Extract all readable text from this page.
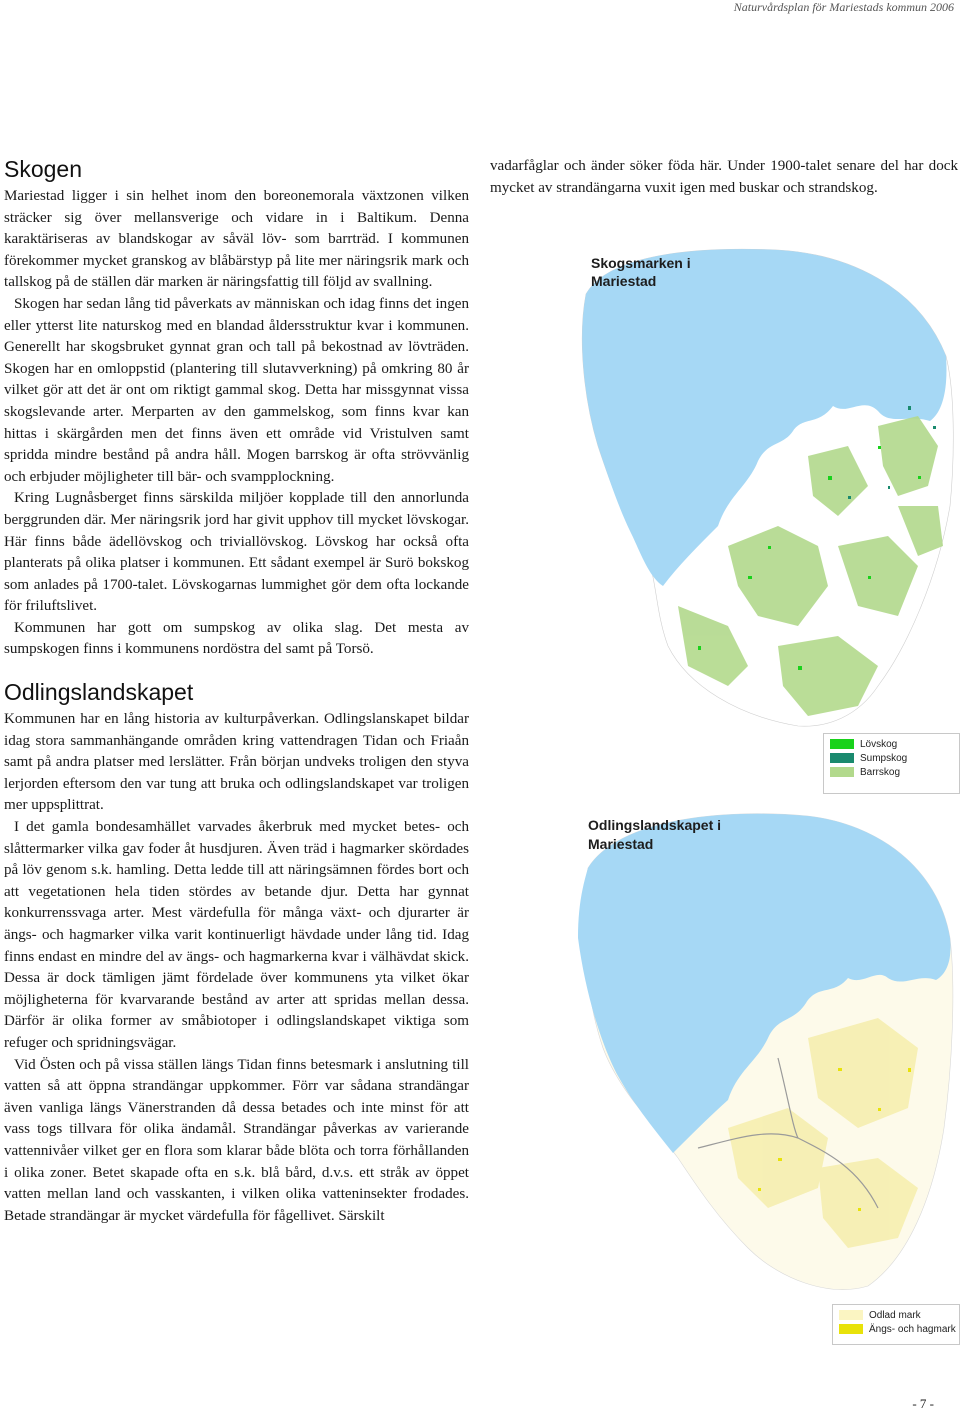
Naturvårdsplan för Mariestads kommun 2006
Skogen

Mariestad ligger i sin helhet inom den boreonemorala växtzonen vilken sträcker sig över mellansverige och vidare in i Baltikum. Denna karaktäriseras av blandskogar av såväl löv- som barrträd. I kommunen förekommer mycket granskog av blåbärstyp på lite mer näringsrik mark och tallskog på de ställen där marken är näringsfattig till följd av svallning.

Skogen har sedan lång tid påverkats av människan och idag finns det ingen eller ytterst lite naturskog med en blandad åldersstruktur kvar i kommunen. Generellt har skogsbruket gynnat gran och tall på bekostnad av lövträden. Skogen har en omloppstid (plantering till slutavverkning) på omkring 80 år vilket gör att det är ont om riktigt gammal skog. Detta har missgynnat vissa skogslevande arter. Merparten av den gammelskog, som finns kvar kan hittas i skärgården men det finns även ett område vid Vristulven samt spridda mindre bestånd på andra håll. Mogen barrskog är ofta strövvänlig och erbjuder möjligheter till bär- och svampplockning.

Kring Lugnåsberget finns särskilda miljöer kopplade till den annorlunda berggrunden där. Mer näringsrik jord har givit upphov till mycket lövskogar. Här finns både ädellövskog och triviallövskog. Lövskog har också ofta planterats på olika platser i kommunen. Ett sådant exempel är Surö bokskog som anlades på 1700-talet. Lövskogarnas lummighet gör dem ofta lockande för friluftslivet.

Kommunen har gott om sumpskog av olika slag. Det mesta av sumpskogen finns i kommunens nordöstra del samt på Torsö.

Odlingslandskapet

Kommunen har en lång historia av kulturpåverkan. Odlingslanskapet bildar idag stora sammanhängande områden kring vattendragen Tidan och Friaån samt på andra platser med lerslätter. Från början undveks troligen den styva lerjorden eftersom den var tung att bruka och odlingslandskapet var troligen mer uppsplittrat.

I det gamla bondesamhället varvades åkerbruk med mycket betes- och slåttermarker vilka gav foder åt husdjuren. Även träd i hagmarker skördades på löv genom s.k. hamling. Detta ledde till att näringsämnen fördes bort och att vegetationen hela tiden stördes av betande djur. Detta har gynnat konkurrenssvaga arter. Mest värdefulla för många växt- och djurarter är ängs- och hagmarker vilka varit kontinuerligt hävdade under lång tid. Idag finns endast en mindre del av ängs- och hagmarkerna kvar i välhävdat skick. Dessa är dock tämligen jämt fördelade över kommunens yta vilket ökar möjligheterna för kvarvarande bestånd av arter att spridas mellan dessa. Därför är olika former av småbiotoper i odlingslandskapet viktiga som refuger och spridningsvägar.

Vid Östen och på vissa ställen längs Tidan finns betesmark i anslutning till vatten så att öppna strandängar uppkommer. Förr var sådana strandängar även vanliga längs Vänerstranden då dessa betades och inte minst för att vass togs tillvara för olika ändamål. Strandängar påverkas av varierande vattennivåer vilket ger en flora som klarar både blöta och torra förhållanden i olika zoner. Betet skapade ofta en s.k. blå bård, d.v.s. ett stråk av öppet vatten mellan land och vasskanten, i vilken olika vatteninsekter frodades. Betade strandängar är mycket värdefulla för fågellivet. Särskilt

vadarfåglar och änder söker föda här. Under 1900-talet senare del har dock mycket av strandängarna vuxit igen med buskar och strandskog.

Skogsmarken i
Mariestad
Lövskog
Sumpskog
Barrskog
Odlingslandskapet i
Mariestad
Odlad mark
Ängs- och hagmark
- 7 -
